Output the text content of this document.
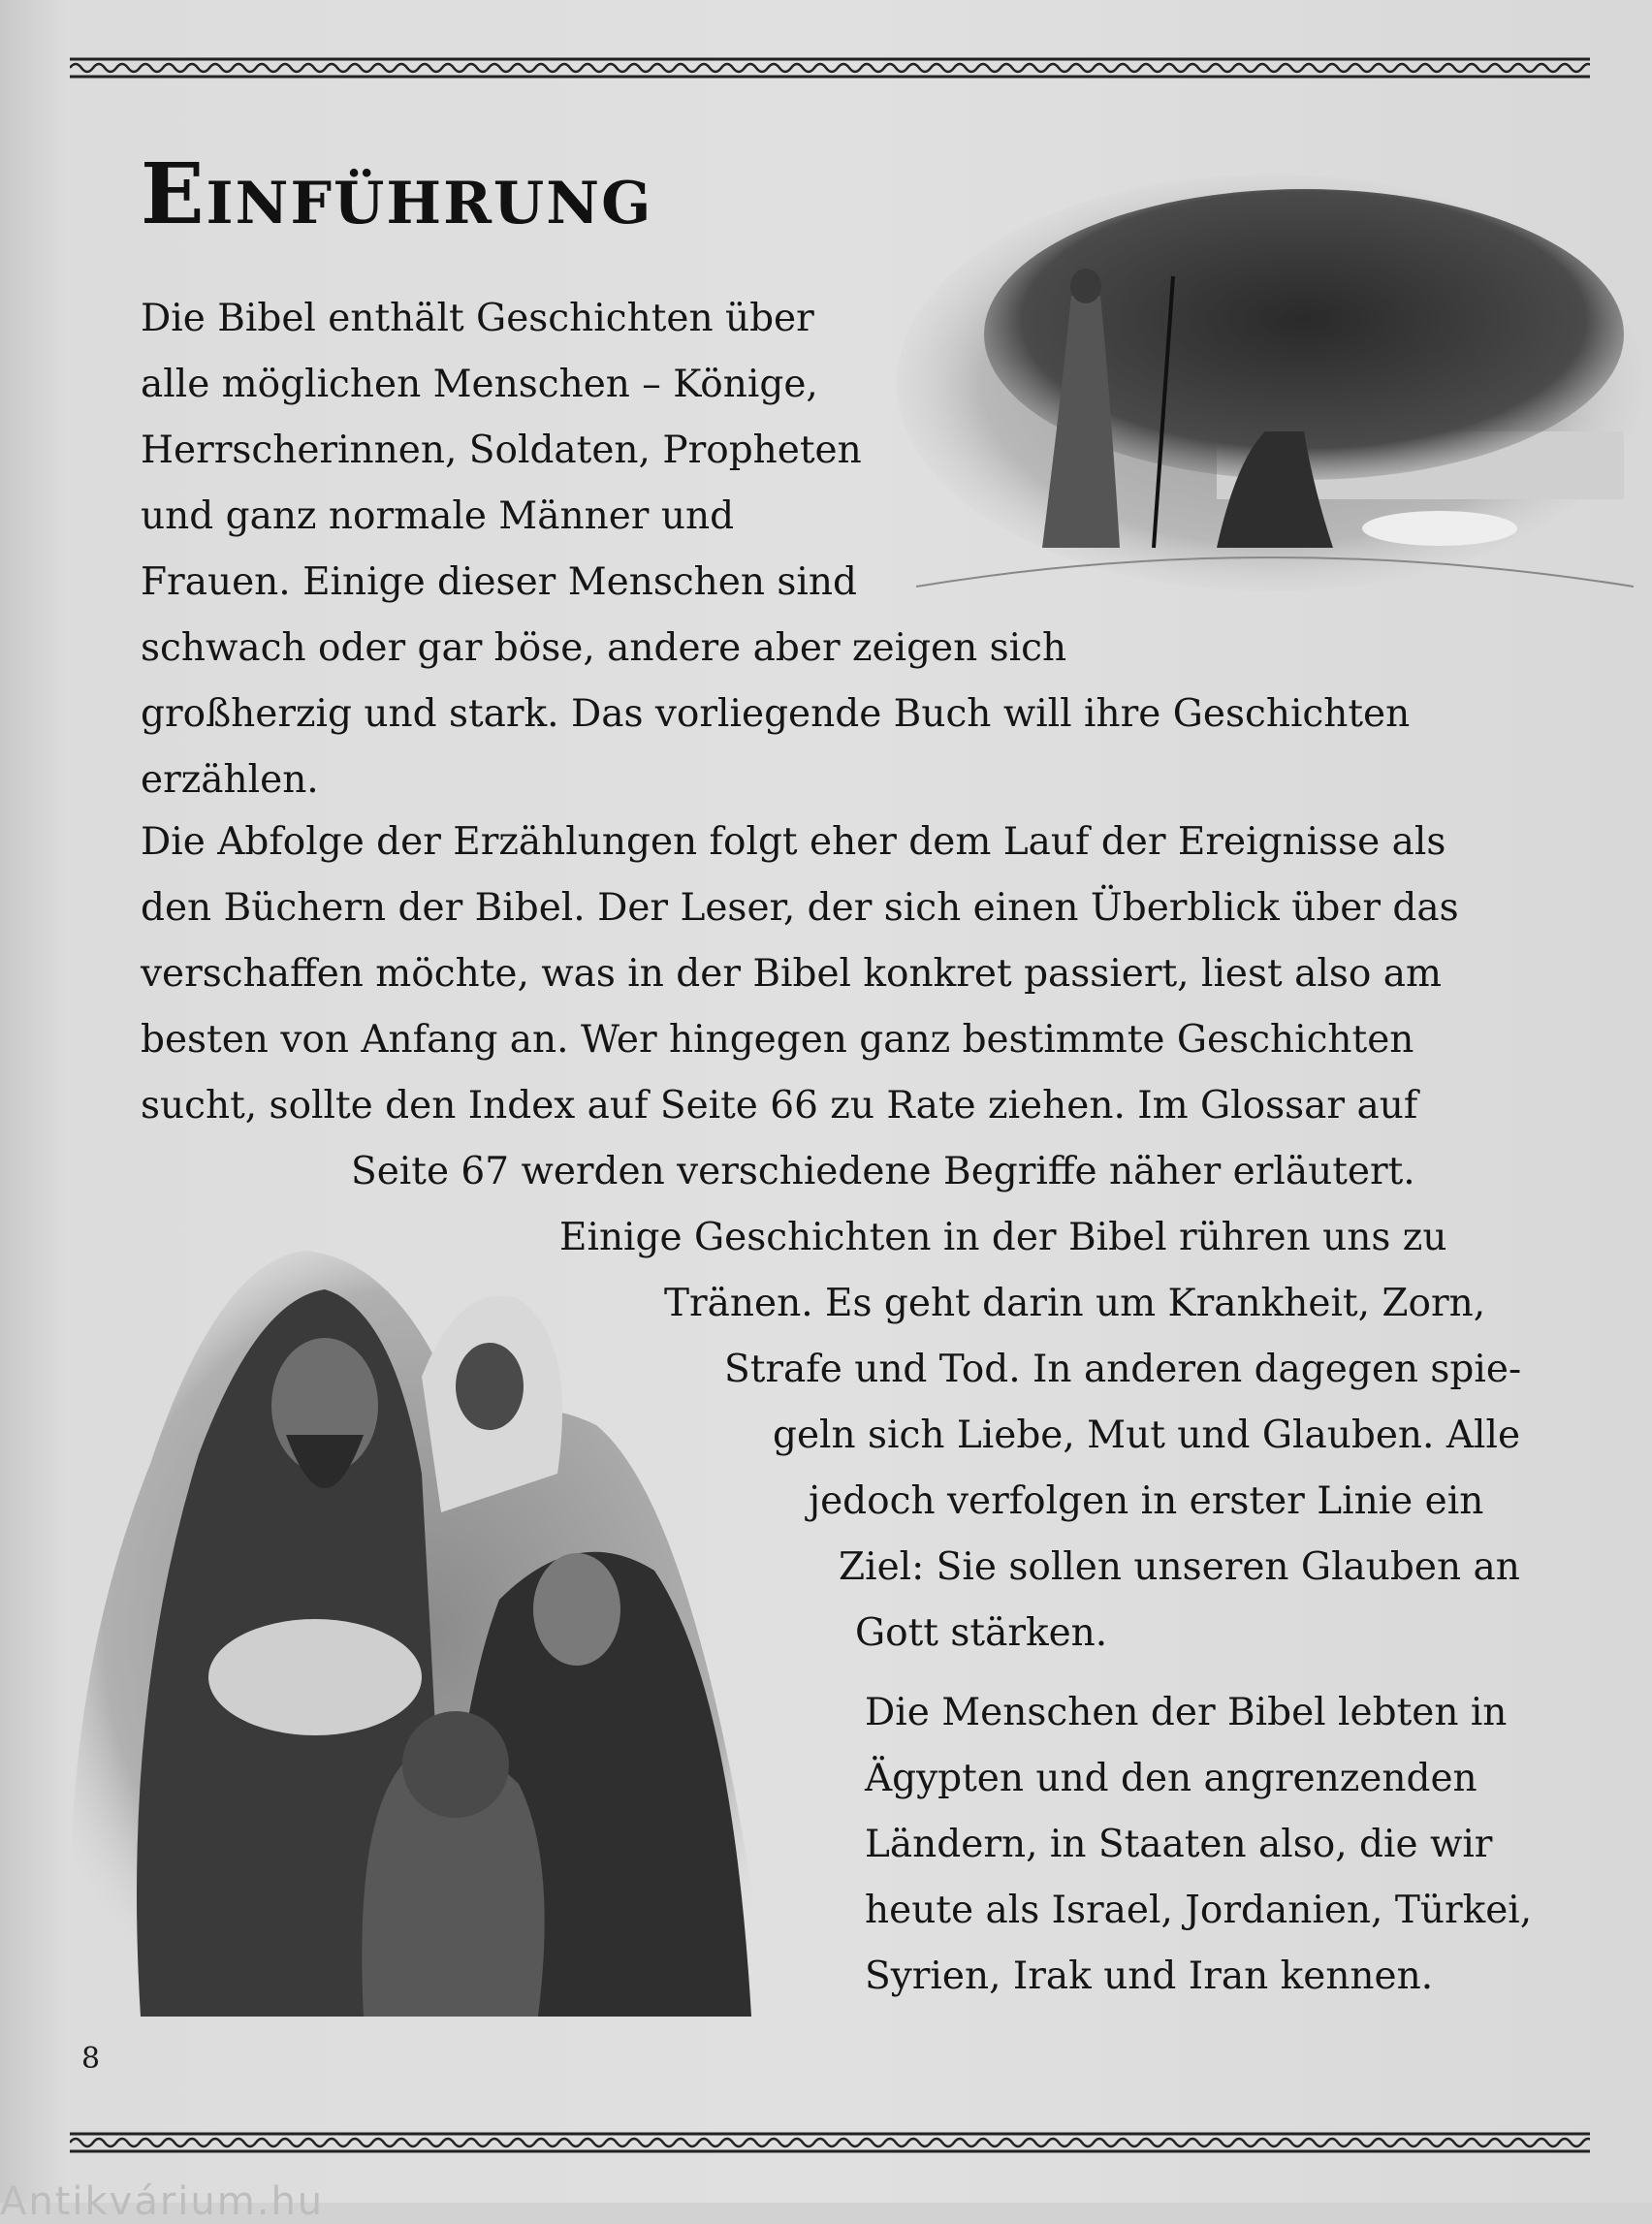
Einführung
Die Bibel enthält Geschichten über
alle möglichen Menschen – Könige,
Herrscherinnen, Soldaten, Propheten
und ganz normale Männer und
Frauen. Einige dieser Menschen sind
schwach oder gar böse, andere aber zeigen sich
großherzig und stark. Das vorliegende Buch will ihre Geschichten
erzählen.
Die Abfolge der Erzählungen folgt eher dem Lauf der Ereignisse als
den Büchern der Bibel. Der Leser, der sich einen Überblick über das
verschaffen möchte, was in der Bibel konkret passiert, liest also am
besten von Anfang an. Wer hingegen ganz bestimmte Geschichten
sucht, sollte den Index auf Seite 66 zu Rate ziehen. Im Glossar auf
Seite 67 werden verschiedene Begriffe näher erläutert.
Einige Geschichten in der Bibel rühren uns zu
Tränen. Es geht darin um Krankheit, Zorn,
Strafe und Tod. In anderen dagegen spie-
geln sich Liebe, Mut und Glauben. Alle
jedoch verfolgen in erster Linie ein
Ziel: Sie sollen unseren Glauben an
Gott stärken.
Die Menschen der Bibel lebten in
Ägypten und den angrenzenden
Ländern, in Staaten also, die wir
heute als Israel, Jordanien, Türkei,
Syrien, Irak und Iran kennen.
8
Antikvárium.hu
